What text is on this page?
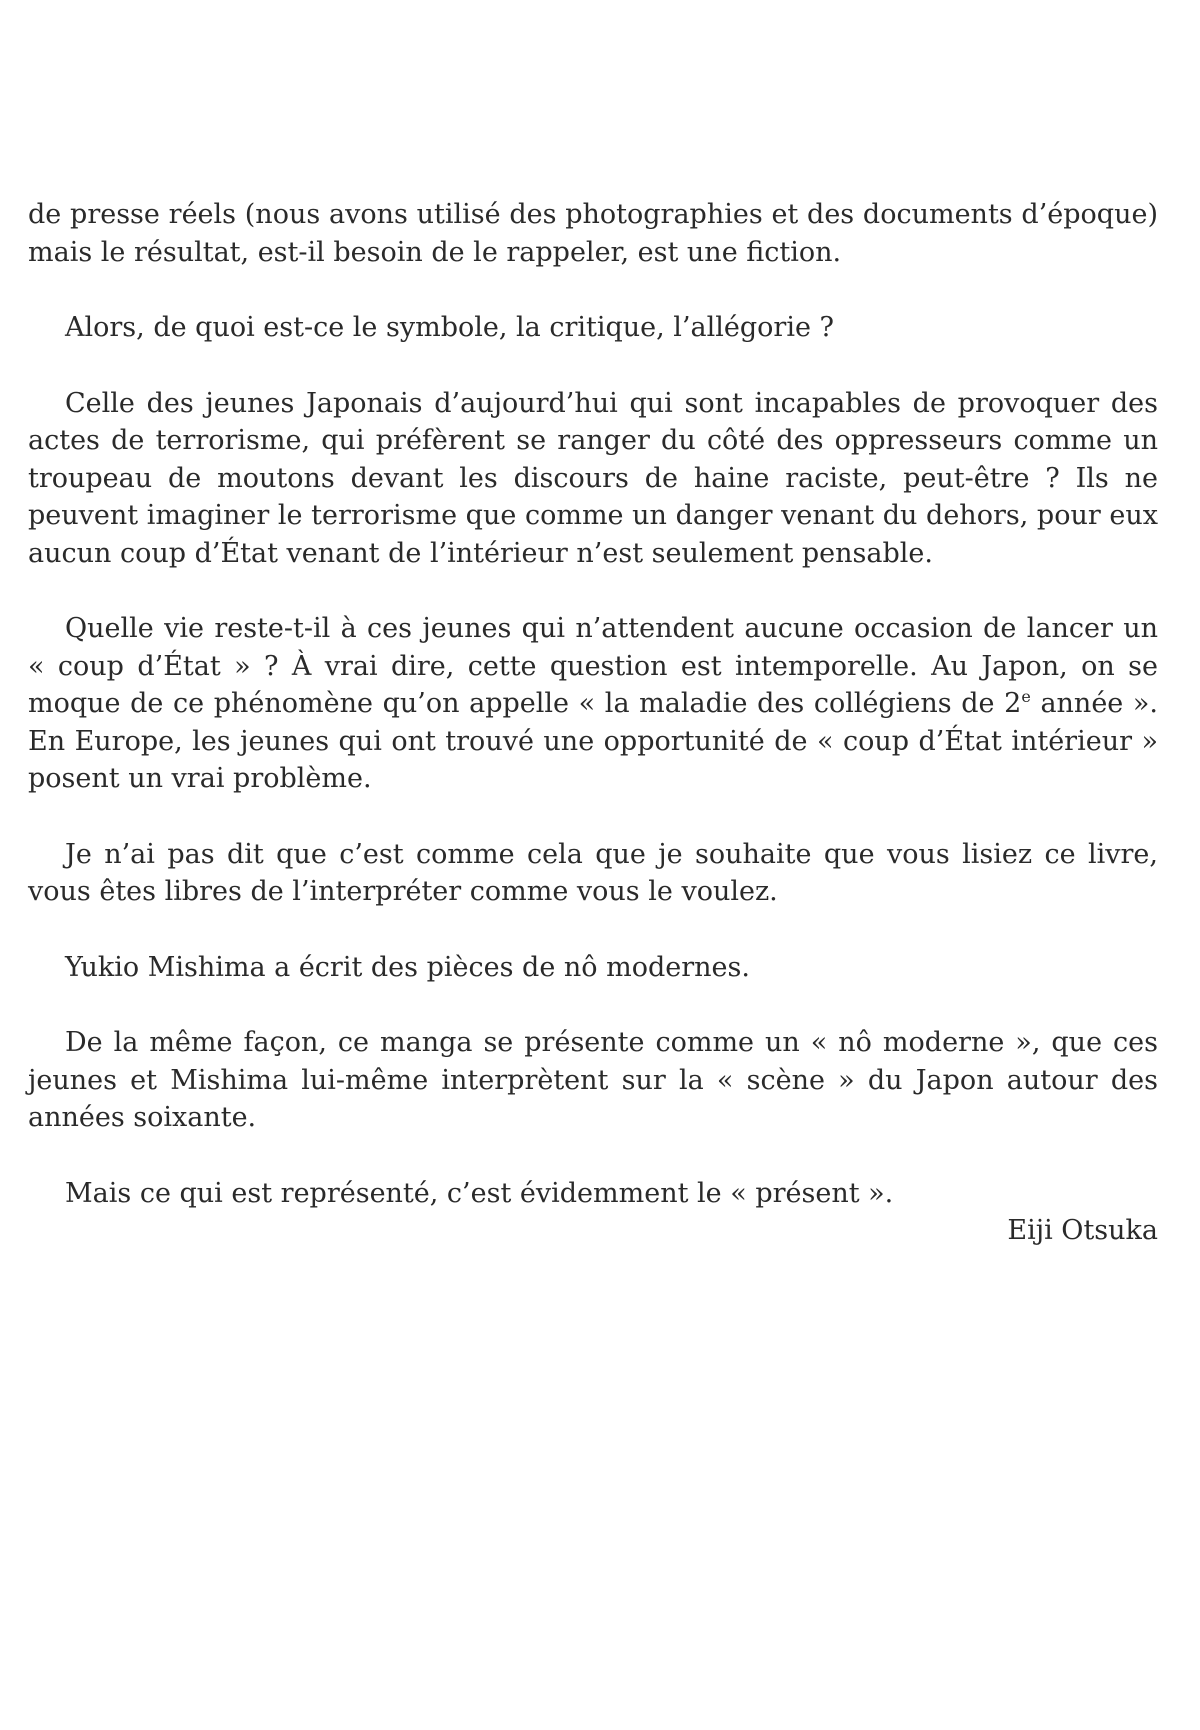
de presse réels (nous avons utilisé des photographies et des documents d’époque) mais le résultat, est-il besoin de le rappeler, est une fiction.

Alors, de quoi est-ce le symbole, la critique, l’allégorie ?

Celle des jeunes Japonais d’aujourd’hui qui sont incapables de provoquer des actes de terrorisme, qui préfèrent se ranger du côté des oppresseurs comme un troupeau de moutons devant les discours de haine raciste, peut-être ? Ils ne peuvent imaginer le terrorisme que comme un danger venant du dehors, pour eux aucun coup d’État venant de l’intérieur n’est seulement pensable.

Quelle vie reste-t-il à ces jeunes qui n’attendent aucune occasion de lancer un « coup d’État » ? À vrai dire, cette question est intemporelle. Au Japon, on se moque de ce phénomène qu’on appelle « la maladie des collégiens de 2e année ». En Europe, les jeunes qui ont trouvé une opportunité de « coup d’État intérieur » posent un vrai problème.

Je n’ai pas dit que c’est comme cela que je souhaite que vous lisiez ce livre, vous êtes libres de l’interpréter comme vous le voulez.

Yukio Mishima a écrit des pièces de nô modernes.

De la même façon, ce manga se présente comme un « nô moderne », que ces jeunes et Mishima lui-même interprètent sur la « scène » du Japon autour des années soixante.

Mais ce qui est représenté, c’est évidemment le « présent ».

Eiji Otsuka
